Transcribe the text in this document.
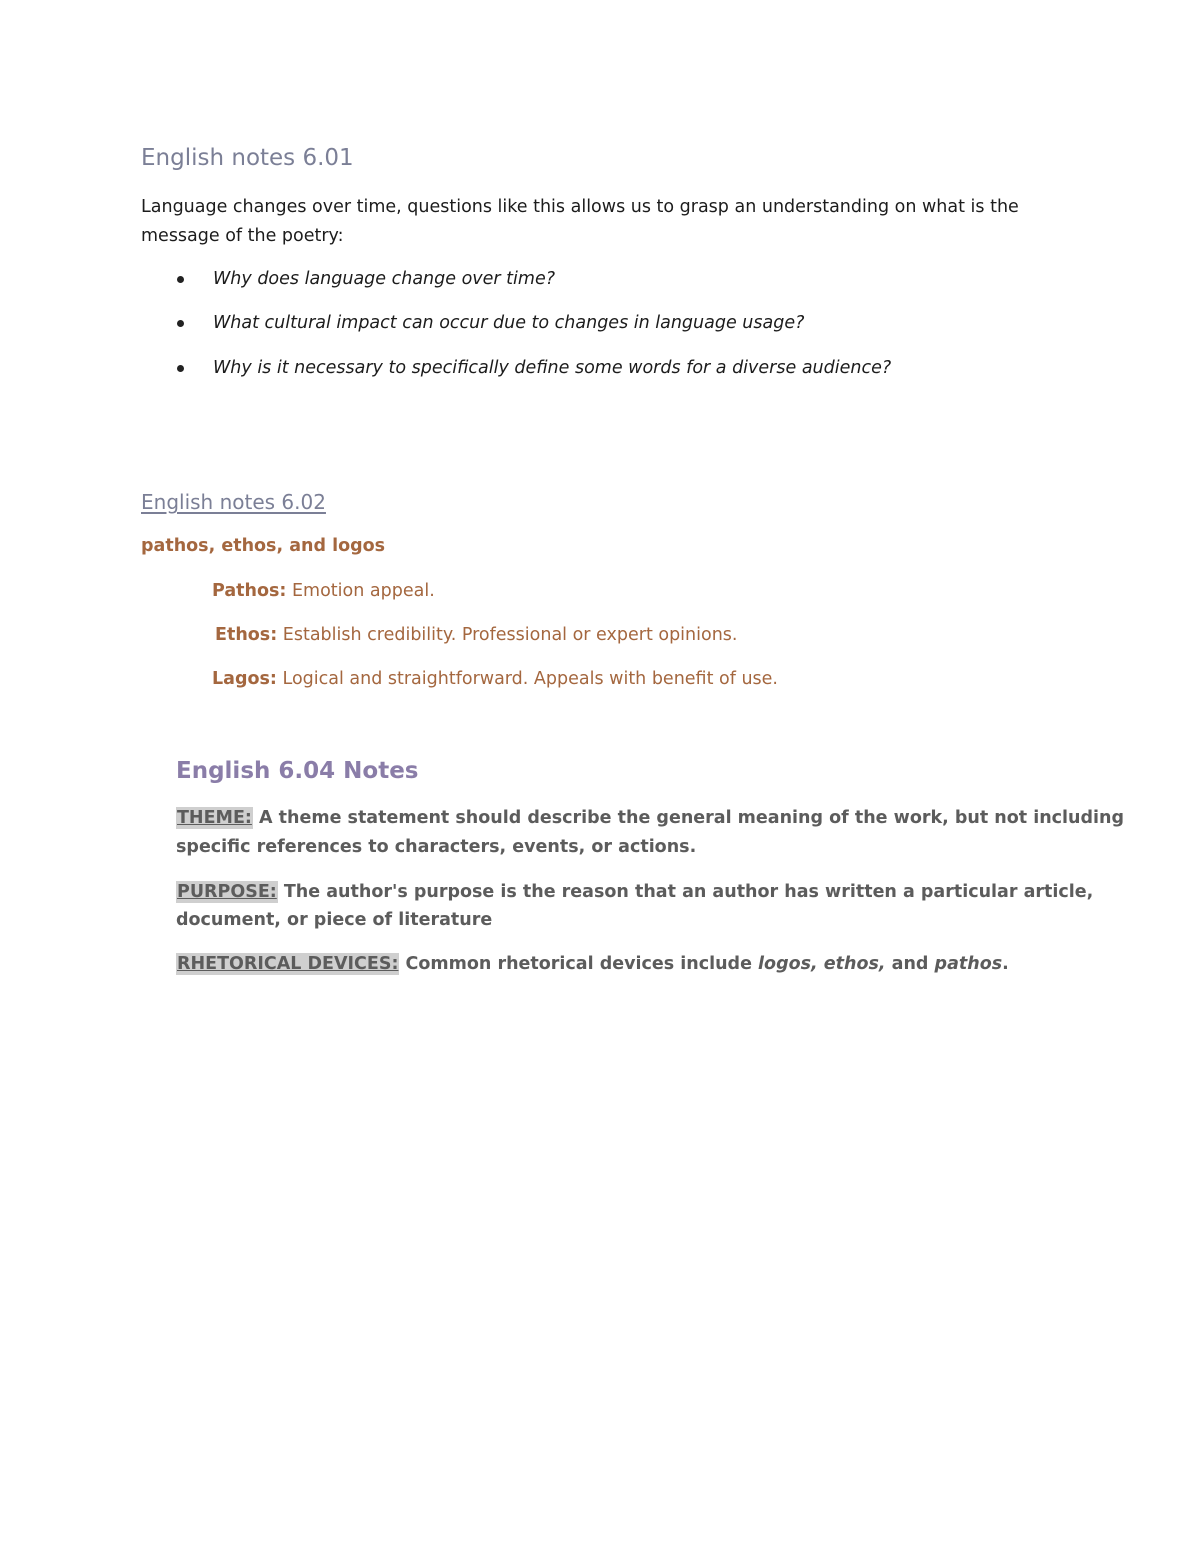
English notes 6.01
Language changes over time, questions like this allows us to grasp an understanding on what is the
message of the poetry:
Why does language change over time?
What cultural impact can occur due to changes in language usage?
Why is it necessary to specifically define some words for a diverse audience?
English notes 6.02
pathos, ethos, and logos
Pathos: Emotion appeal.
Ethos: Establish credibility. Professional or expert opinions.
Lagos: Logical and straightforward. Appeals with benefit of use.
English 6.04 Notes
THEME: A theme statement should describe the general meaning of the work, but not including
specific references to characters, events, or actions.
PURPOSE: The author's purpose is the reason that an author has written a particular article,
document, or piece of literature
RHETORICAL DEVICES: Common rhetorical devices include logos, ethos, and pathos.
